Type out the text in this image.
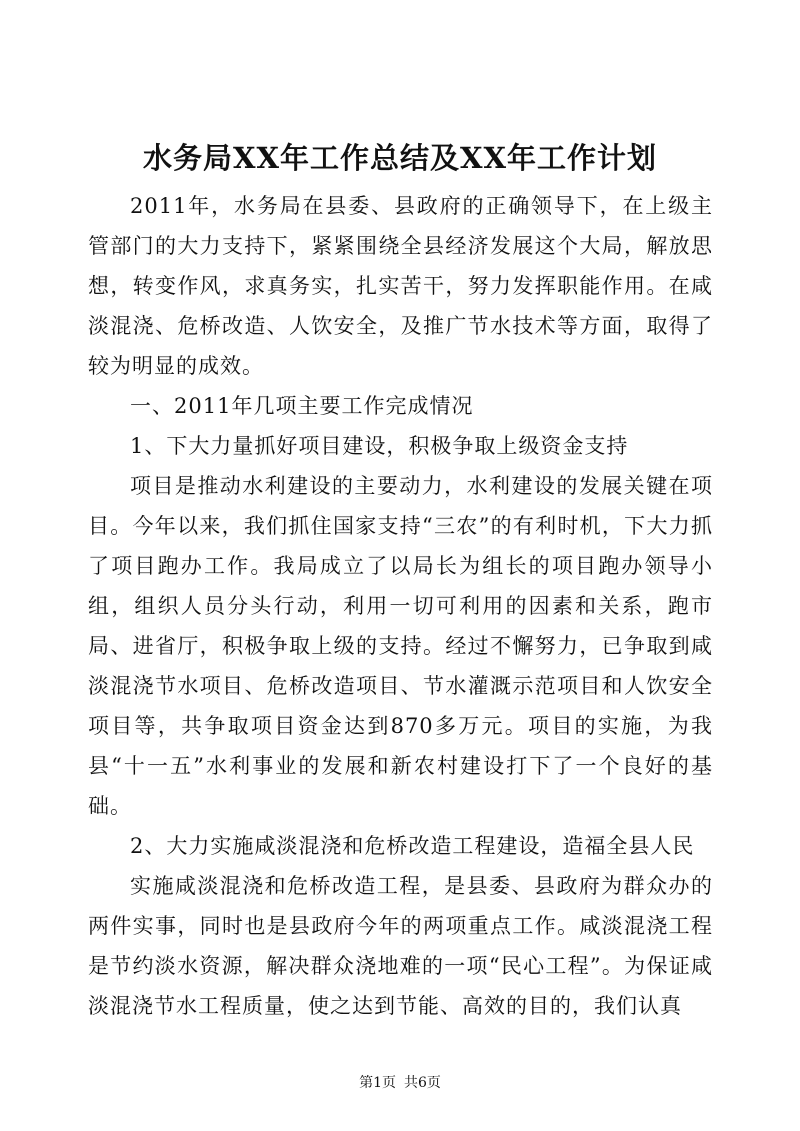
水务局XX年工作总结及XX年工作计划

2011年，水务局在县委、县政府的正确领导下，在上级主管部门的大力支持下，紧紧围绕全县经济发展这个大局，解放思想，转变作风，求真务实，扎实苦干，努力发挥职能作用。在咸淡混浇、危桥改造、人饮安全，及推广节水技术等方面，取得了较为明显的成效。

一、2011年几项主要工作完成情况

1、下大力量抓好项目建设，积极争取上级资金支持

项目是推动水利建设的主要动力，水利建设的发展关键在项目。今年以来，我们抓住国家支持“三农”的有利时机，下大力抓了项目跑办工作。我局成立了以局长为组长的项目跑办领导小组，组织人员分头行动，利用一切可利用的因素和关系，跑市局、进省厅，积极争取上级的支持。经过不懈努力，已争取到咸淡混浇节水项目、危桥改造项目、节水灌溉示范项目和人饮安全项目等，共争取项目资金达到870多万元。项目的实施，为我县“十一五”水利事业的发展和新农村建设打下了一个良好的基础。

2、大力实施咸淡混浇和危桥改造工程建设，造福全县人民

实施咸淡混浇和危桥改造工程，是县委、县政府为群众办的两件实事，同时也是县政府今年的两项重点工作。咸淡混浇工程是节约淡水资源，解决群众浇地难的一项“民心工程”。为保证咸淡混浇节水工程质量，使之达到节能、高效的目的，我们认真

第1页 共6页
